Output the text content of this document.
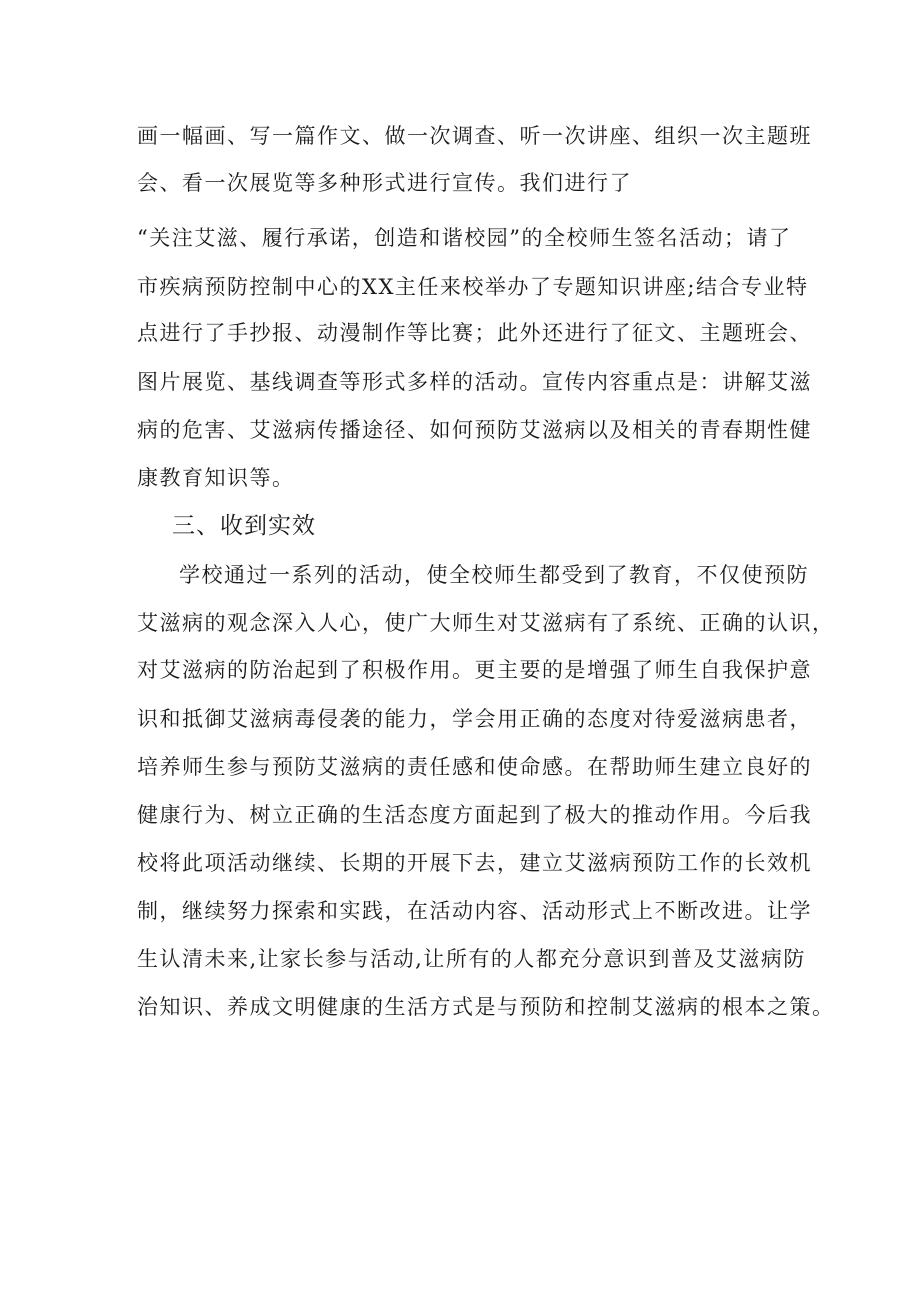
画一幅画、写一篇作文、做一次调查、听一次讲座、组织一次主题班
会、看一次展览等多种形式进行宣传。我们进行了
“关注艾滋、履行承诺，创造和谐校园”的全校师生签名活动；请了
市疾病预防控制中心的XX主任来校举办了专题知识讲座;结合专业特
点进行了手抄报、动漫制作等比赛；此外还进行了征文、主题班会、
图片展览、基线调查等形式多样的活动。宣传内容重点是：讲解艾滋
病的危害、艾滋病传播途径、如何预防艾滋病以及相关的青春期性健
康教育知识等。
三、收到实效
学校通过一系列的活动，使全校师生都受到了教育，不仅使预防
艾滋病的观念深入人心，使广大师生对艾滋病有了系统、正确的认识，
对艾滋病的防治起到了积极作用。更主要的是增强了师生自我保护意
识和抵御艾滋病毒侵袭的能力，学会用正确的态度对待爱滋病患者，
培养师生参与预防艾滋病的责任感和使命感。在帮助师生建立良好的
健康行为、树立正确的生活态度方面起到了极大的推动作用。今后我
校将此项活动继续、长期的开展下去，建立艾滋病预防工作的长效机
制，继续努力探索和实践，在活动内容、活动形式上不断改进。让学
生认清未来,让家长参与活动,让所有的人都充分意识到普及艾滋病防
治知识、养成文明健康的生活方式是与预防和控制艾滋病的根本之策。
